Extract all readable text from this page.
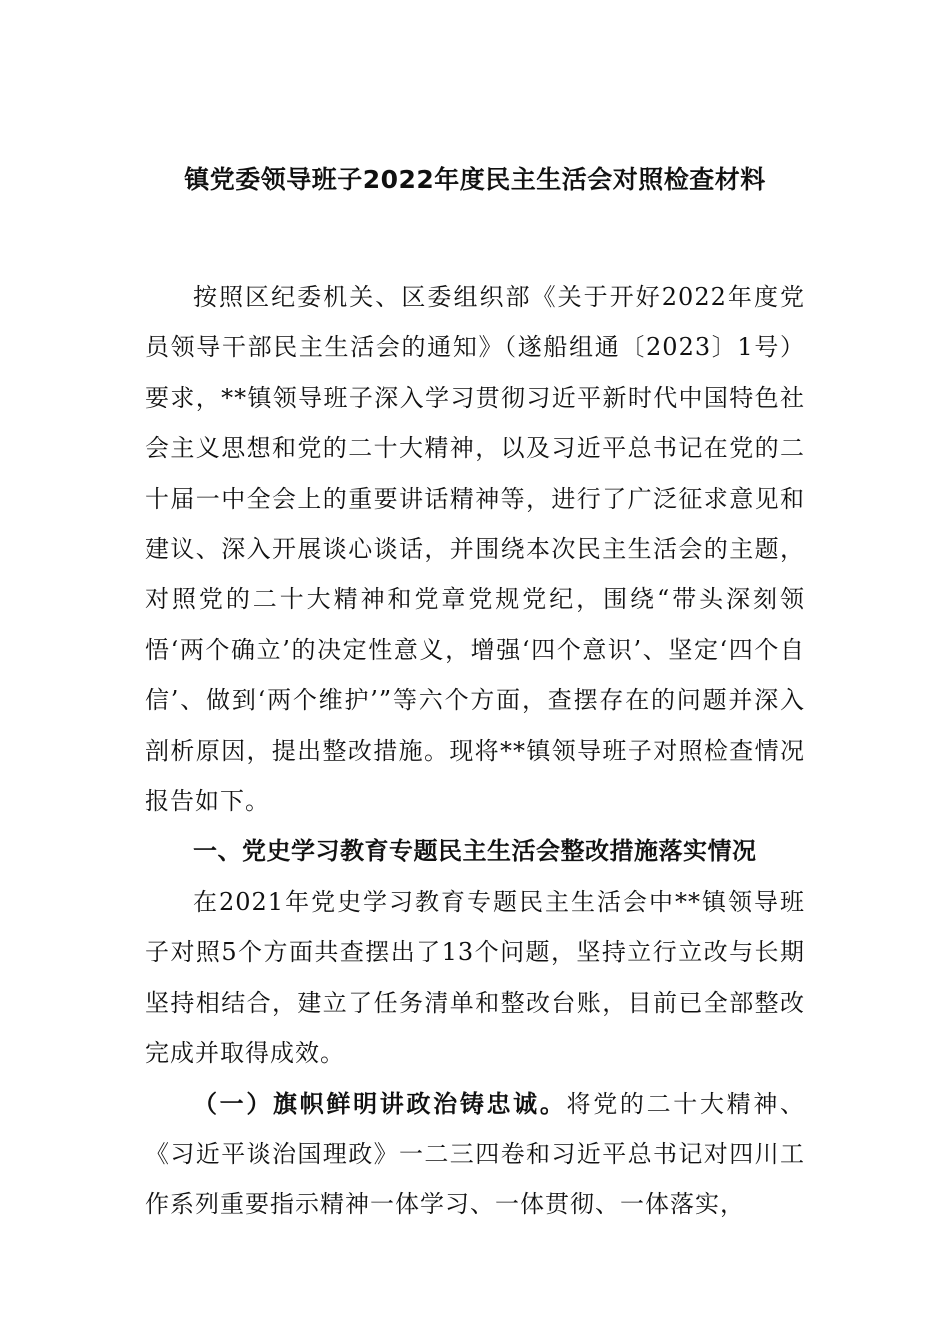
镇党委领导班子2022年度民主生活会对照检查材料

按照区纪委机关、区委组织部《关于开好2022年度党员领导干部民主生活会的通知》（遂船组通〔2023〕1号）要求，**镇领导班子深入学习贯彻习近平新时代中国特色社会主义思想和党的二十大精神，以及习近平总书记在党的二十届一中全会上的重要讲话精神等，进行了广泛征求意见和建议、深入开展谈心谈话，并围绕本次民主生活会的主题，对照党的二十大精神和党章党规党纪，围绕“带头深刻领悟‘两个确立’的决定性意义，增强‘四个意识’、坚定‘四个自信’、做到‘两个维护’”等六个方面，查摆存在的问题并深入剖析原因，提出整改措施。现将**镇领导班子对照检查情况报告如下。

一、党史学习教育专题民主生活会整改措施落实情况

在2021年党史学习教育专题民主生活会中**镇领导班子对照5个方面共查摆出了13个问题，坚持立行立改与长期坚持相结合，建立了任务清单和整改台账，目前已全部整改完成并取得成效。

（一）旗帜鲜明讲政治铸忠诚。将党的二十大精神、《习近平谈治国理政》一二三四卷和习近平总书记对四川工作系列重要指示精神一体学习、一体贯彻、一体落实，
